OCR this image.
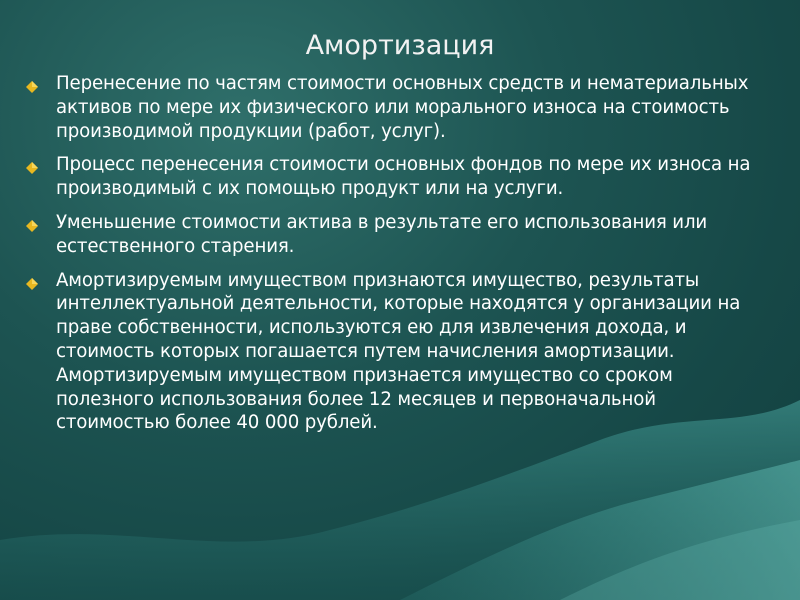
Амортизация
Перенесение по частям стоимости основных средств и нематериальных активов по мере их физического или морального износа на стоимость производимой продукции (работ, услуг).
Процесс перенесения стоимости основных фондов по мере их износа на производимый с их помощью продукт или на услуги.
Уменьшение стоимости актива в результате его использования или естественного старения.
Амортизируемым имуществом признаются имущество, результаты интеллектуальной деятельности, которые находятся у организации на праве собственности, используются ею для извлечения дохода, и стоимость которых погашается путем начисления амортизации. Амортизируемым имуществом признается имущество со сроком полезного использования более 12 месяцев и первоначальной стоимостью более 40 000 рублей.
